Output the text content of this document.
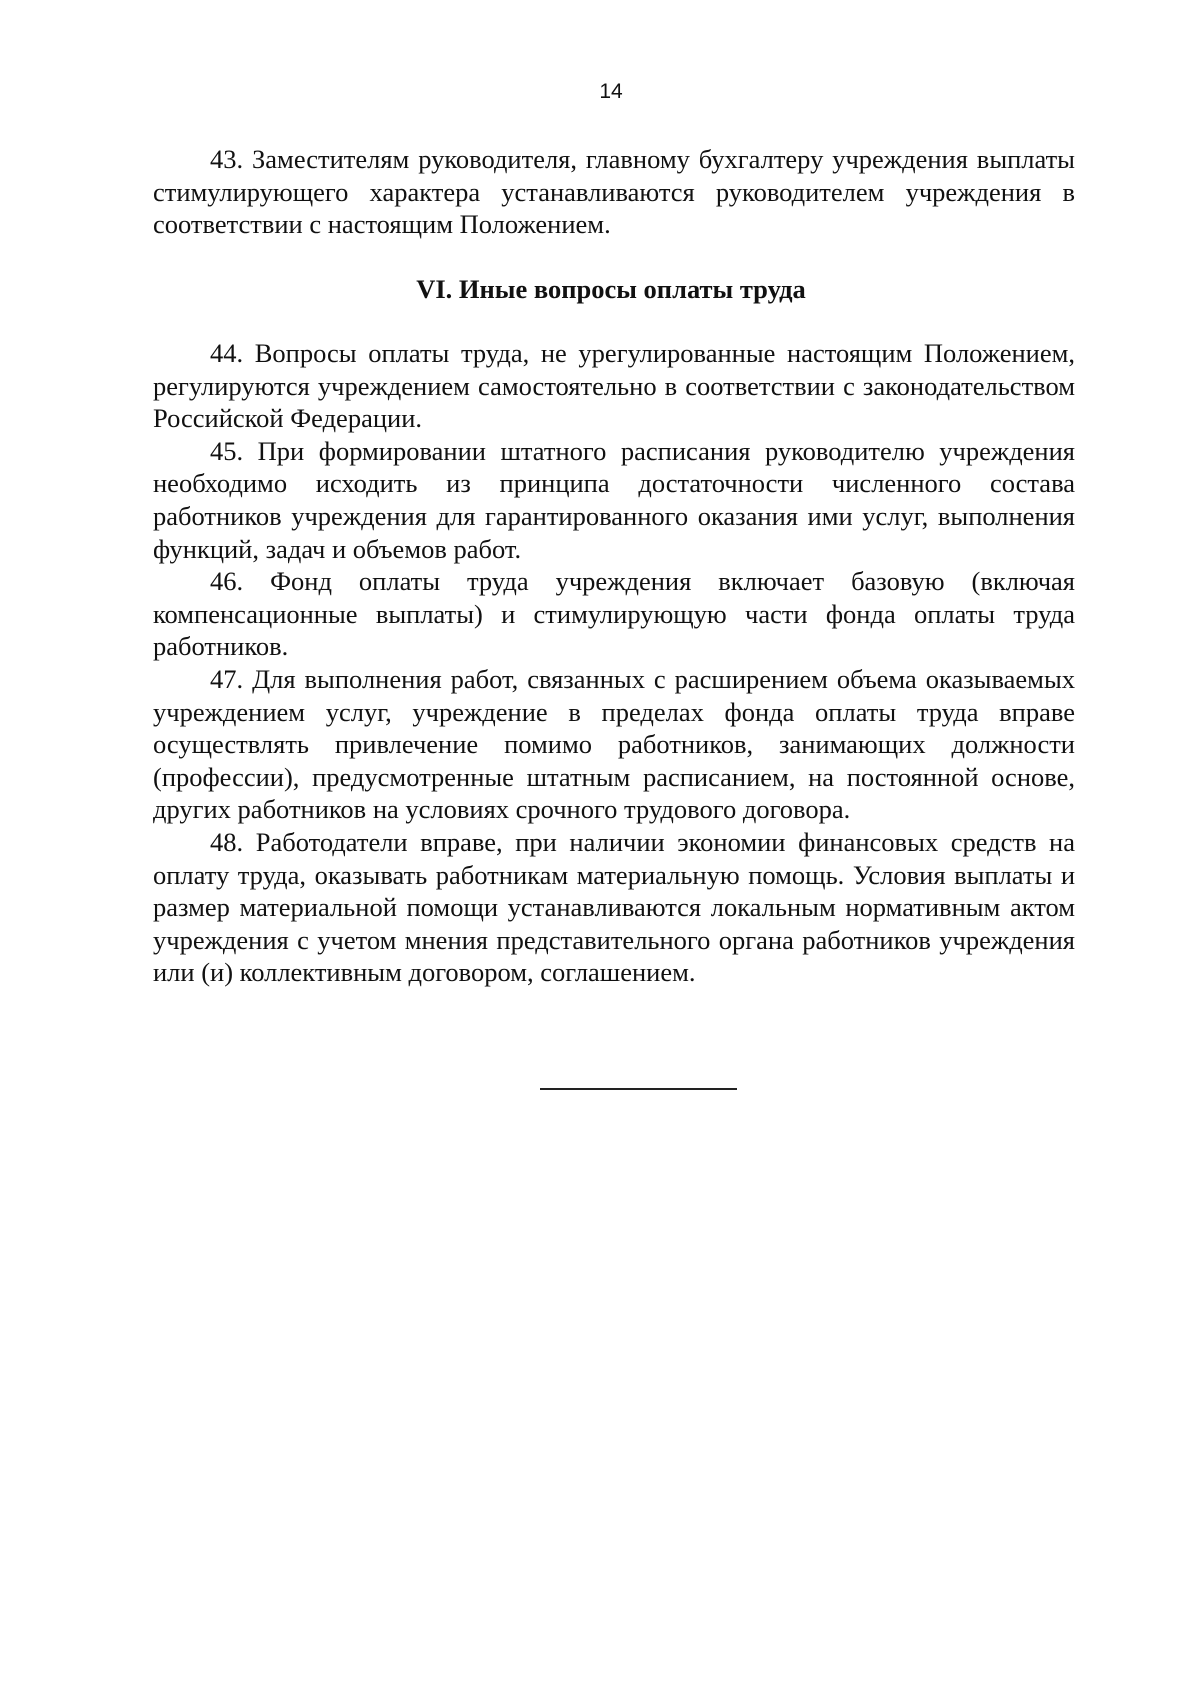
14

43. Заместителям руководителя, главному бухгалтеру учреждения выплаты стимулирующего характера устанавливаются руководителем учреждения в соответствии с настоящим Положением.

VI. Иные вопросы оплаты труда

44. Вопросы оплаты труда, не урегулированные настоящим Положением, регулируются учреждением самостоятельно в соответствии с законодательством Российской Федерации.

45. При формировании штатного расписания руководителю учреждения необходимо исходить из принципа достаточности численного состава работников учреждения для гарантированного оказания ими услуг, выполнения функций, задач и объемов работ.

46. Фонд оплаты труда учреждения включает базовую (включая компенсационные выплаты) и стимулирующую части фонда оплаты труда работников.

47. Для выполнения работ, связанных с расширением объема оказываемых учреждением услуг, учреждение в пределах фонда оплаты труда вправе осуществлять привлечение помимо работников, занимающих должности (профессии), предусмотренные штатным расписанием, на постоянной основе, других работников на условиях срочного трудового договора.

48. Работодатели вправе, при наличии экономии финансовых средств на оплату труда, оказывать работникам материальную помощь. Условия выплаты и размер материальной помощи устанавливаются локальным нормативным актом учреждения с учетом мнения представительного органа работников учреждения или (и) коллективным договором, соглашением.
